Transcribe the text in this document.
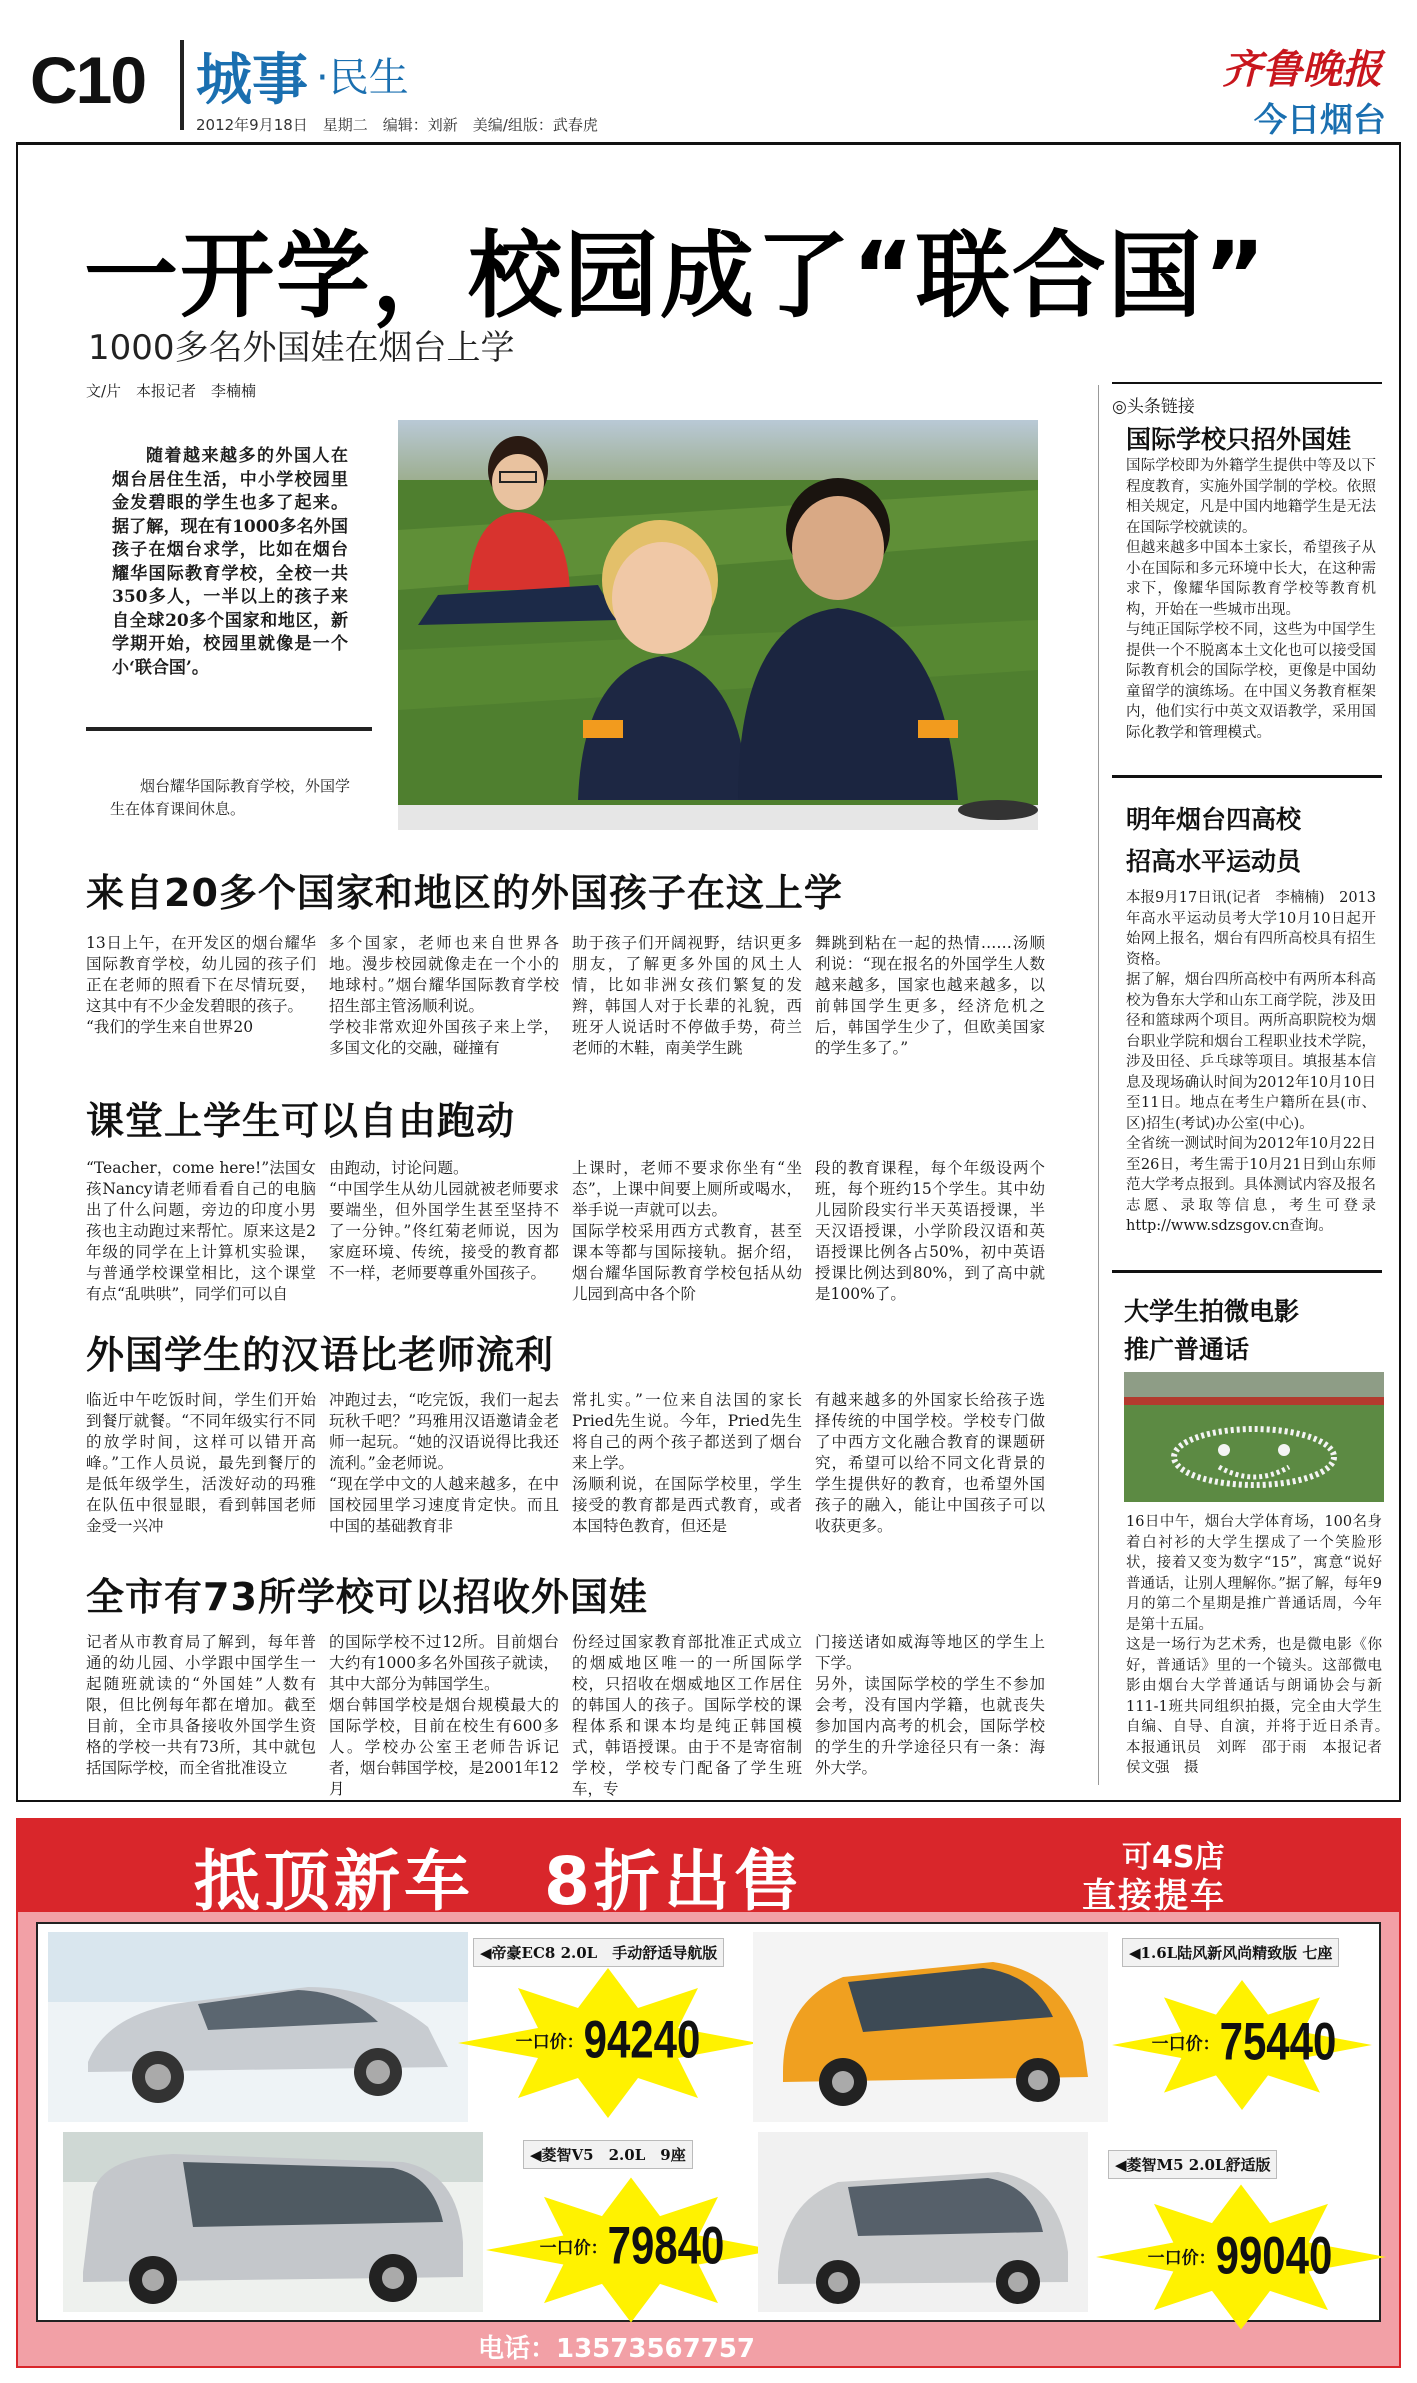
C10 城事 ·民生
2012年9月18日　星期二　编辑：刘新　美编/组版：武春虎
齐鲁晚报
今日烟台
一开学，校园成了“联合国”
1000多名外国娃在烟台上学
文/片　本报记者　李楠楠
随着越来越多的外国人在烟台居住生活，中小学校园里金发碧眼的学生也多了起来。据了解，现在有1000多名外国孩子在烟台求学，比如在烟台耀华国际教育学校，全校一共350多人，一半以上的孩子来自全球20多个国家和地区，新学期开始，校园里就像是一个小‘联合国’。
烟台耀华国际教育学校，外国学生在体育课间休息。
来自20多个国家和地区的外国孩子在这上学
13日上午，在开发区的烟台耀华国际教育学校，幼儿园的孩子们正在老师的照看下在尽情玩耍，这其中有不少金发碧眼的孩子。
“我们的学生来自世界20
多个国家，老师也来自世界各地。漫步校园就像走在一个小的地球村。”烟台耀华国际教育学校招生部主管汤顺利说。
学校非常欢迎外国孩子来上学，多国文化的交融，碰撞有
助于孩子们开阔视野，结识更多朋友，了解更多外国的风土人情，比如非洲女孩们繁复的发辫，韩国人对于长辈的礼貌，西班牙人说话时不停做手势，荷兰老师的木鞋，南美学生跳
舞跳到粘在一起的热情……汤顺利说：“现在报名的外国学生人数越来越多，国家也越来越多，以前韩国学生更多，经济危机之后，韩国学生少了，但欧美国家的学生多了。”
课堂上学生可以自由跑动
“Teacher，come here!”法国女孩Nancy请老师看看自己的电脑出了什么问题，旁边的印度小男孩也主动跑过来帮忙。原来这是2年级的同学在上计算机实验课，与普通学校课堂相比，这个课堂有点“乱哄哄”，同学们可以自
由跑动，讨论问题。
“中国学生从幼儿园就被老师要求要端坐，但外国学生甚至坚持不了一分钟。”佟红菊老师说，因为家庭环境、传统，接受的教育都不一样，老师要尊重外国孩子。
上课时，老师不要求你坐有“坐态”，上课中间要上厕所或喝水，举手说一声就可以去。
国际学校采用西方式教育，甚至课本等都与国际接轨。据介绍，烟台耀华国际教育学校包括从幼儿园到高中各个阶
段的教育课程，每个年级设两个班，每个班约15个学生。其中幼儿园阶段实行半天英语授课，半天汉语授课，小学阶段汉语和英语授课比例各占50%，初中英语授课比例达到80%，到了高中就是100%了。
外国学生的汉语比老师流利
临近中午吃饭时间，学生们开始到餐厅就餐。“不同年级实行不同的放学时间，这样可以错开高峰。”工作人员说，最先到餐厅的是低年级学生，活泼好动的玛雅在队伍中很显眼，看到韩国老师金受一兴冲
冲跑过去，“吃完饭，我们一起去玩秋千吧？”玛雅用汉语邀请金老师一起玩。“她的汉语说得比我还流利。”金老师说。
“现在学中文的人越来越多，在中国校园里学习速度肯定快。而且中国的基础教育非
常扎实。”一位来自法国的家长Pried先生说。今年，Pried先生将自己的两个孩子都送到了烟台来上学。
汤顺利说，在国际学校里，学生接受的教育都是西式教育，或者本国特色教育，但还是
有越来越多的外国家长给孩子选择传统的中国学校。学校专门做了中西方文化融合教育的课题研究，希望可以给不同文化背景的学生提供好的教育，也希望外国孩子的融入，能让中国孩子可以收获更多。
全市有73所学校可以招收外国娃
记者从市教育局了解到，每年普通的幼儿园、小学跟中国学生一起随班就读的“外国娃”人数有限，但比例每年都在增加。截至目前，全市具备接收外国学生资格的学校一共有73所，其中就包括国际学校，而全省批准设立
的国际学校不过12所。目前烟台大约有1000多名外国孩子就读，其中大部分为韩国学生。
烟台韩国学校是烟台规模最大的国际学校，目前在校生有600多人。学校办公室王老师告诉记者，烟台韩国学校，是2001年12月
份经过国家教育部批准正式成立的烟威地区唯一的一所国际学校，只招收在烟威地区工作居住的韩国人的孩子。国际学校的课程体系和课本均是纯正韩国模式，韩语授课。由于不是寄宿制学校，学校专门配备了学生班车，专
门接送诸如威海等地区的学生上下学。
另外，读国际学校的学生不参加会考，没有国内学籍，也就丧失参加国内高考的机会，国际学校的学生的升学途径只有一条：海外大学。
◎头条链接
国际学校只招外国娃
国际学校即为外籍学生提供中等及以下程度教育，实施外国学制的学校。依照相关规定，凡是中国内地籍学生是无法在国际学校就读的。
但越来越多中国本土家长，希望孩子从小在国际和多元环境中长大，在这种需求下，像耀华国际教育学校等教育机构，开始在一些城市出现。
与纯正国际学校不同，这些为中国学生提供一个不脱离本土文化也可以接受国际教育机会的国际学校，更像是中国幼童留学的演练场。在中国义务教育框架内，他们实行中英文双语教学，采用国际化教学和管理模式。
明年烟台四高校
招高水平运动员
本报9月17日讯(记者　李楠楠)　2013年高水平运动员考大学10月10日起开始网上报名，烟台有四所高校具有招生资格。
据了解，烟台四所高校中有两所本科高校为鲁东大学和山东工商学院，涉及田径和篮球两个项目。两所高职院校为烟台职业学院和烟台工程职业技术学院，涉及田径、乒乓球等项目。填报基本信息及现场确认时间为2012年10月10日至11日。地点在考生户籍所在县(市、区)招生(考试)办公室(中心)。
全省统一测试时间为2012年10月22日至26日，考生需于10月21日到山东师范大学考点报到。具体测试内容及报名志愿、录取等信息，考生可登录http://www.sdzsgov.cn查询。
大学生拍微电影
推广普通话
16日中午，烟台大学体育场，100名身着白衬衫的大学生摆成了一个笑脸形状，接着又变为数字“15”，寓意“说好普通话，让别人理解你。”据了解，每年9月的第二个星期是推广普通话周，今年是第十五届。
这是一场行为艺术秀，也是微电影《你好，普通话》里的一个镜头。这部微电影由烟台大学普通话与朗诵协会与新111-1班共同组织拍摄，完全由大学生自编、自导、自演，并将于近日杀青。　本报通讯员　刘晖　邵于雨　本报记者　侯文强　摄
抵顶新车　8折出售	可4S店
直接提车
◀帝豪EC8 2.0L　手动舒适导航版
一口价：94240
◀1.6L陆风新风尚精致版 七座
一口价：75440
◀菱智V5　2.0L　9座
一口价：79840
◀菱智M5 2.0L舒适版
一口价：99040
电话：13573567757
